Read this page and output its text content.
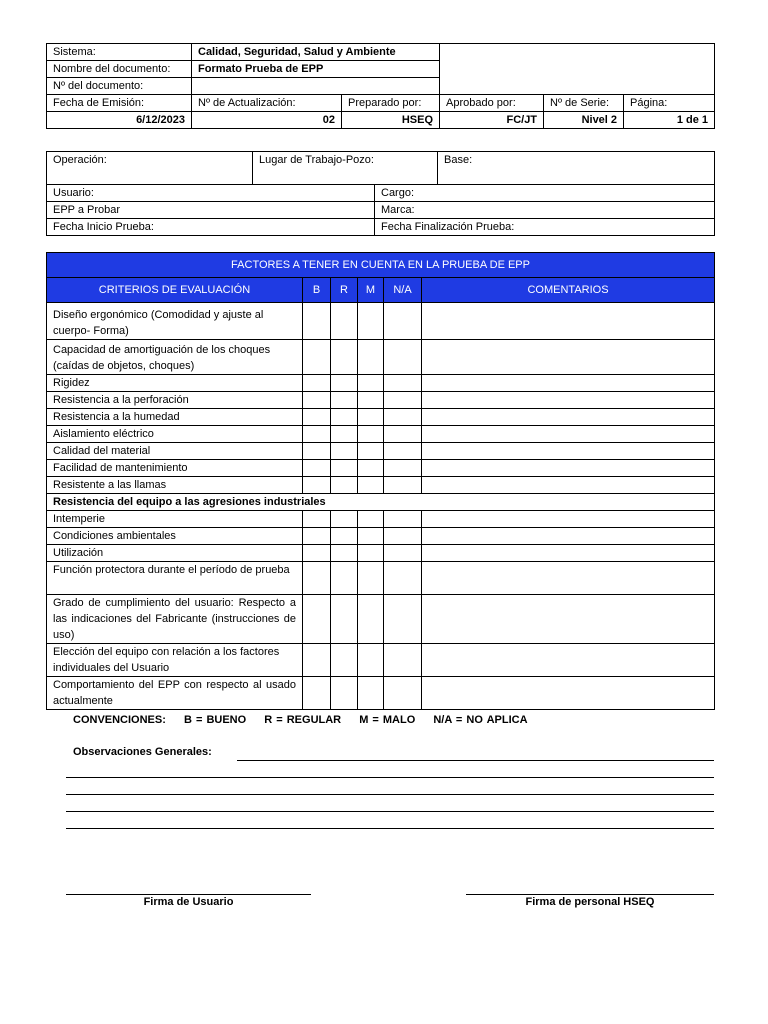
Sistema:	Calidad, Seguridad, Salud y Ambiente				
Nombre del documento:	Formato Prueba de EPP				
Nº del documento:					
Fecha de Emisión:	Nº de Actualización:	Preparado por:	Aprobado por:	Nº de Serie:	Página:
6/12/2023	02	HSEQ	FC/JT	Nivel 2	1 de 1
Operación:	Lugar de Trabajo-Pozo:		Base:
Usuario:		Cargo:	
EPP a Probar		Marca:	
Fecha Inicio Prueba:		Fecha Finalización Prueba:	
FACTORES A TENER EN CUENTA EN LA PRUEBA DE EPP					
CRITERIOS DE EVALUACIÓN	B	R	M	N/A	COMENTARIOS
Diseño ergonómico (Comodidad y ajuste al cuerpo- Forma)					
Capacidad de amortiguación de los choques (caídas de objetos, choques)					
Rigidez					
Resistencia a la perforación					
Resistencia a la humedad					
Aislamiento eléctrico					
Calidad del material					
Facilidad de mantenimiento					
Resistente a las llamas					
Resistencia del equipo a las agresiones industriales					
Intemperie					
Condiciones ambientales					
Utilización					
Función protectora durante el período de prueba					
Grado de cumplimiento del usuario: Respecto a las indicaciones del Fabricante (instrucciones de uso)					
Elección del equipo con relación a los factores individuales del Usuario					
Comportamiento del EPP con respecto al usado actualmente					
CONVENCIONES: B = BUENO R = REGULAR M = MALO N/A = NO APLICA
Observaciones Generales:
Firma de Usuario	Firma de personal HSEQ
